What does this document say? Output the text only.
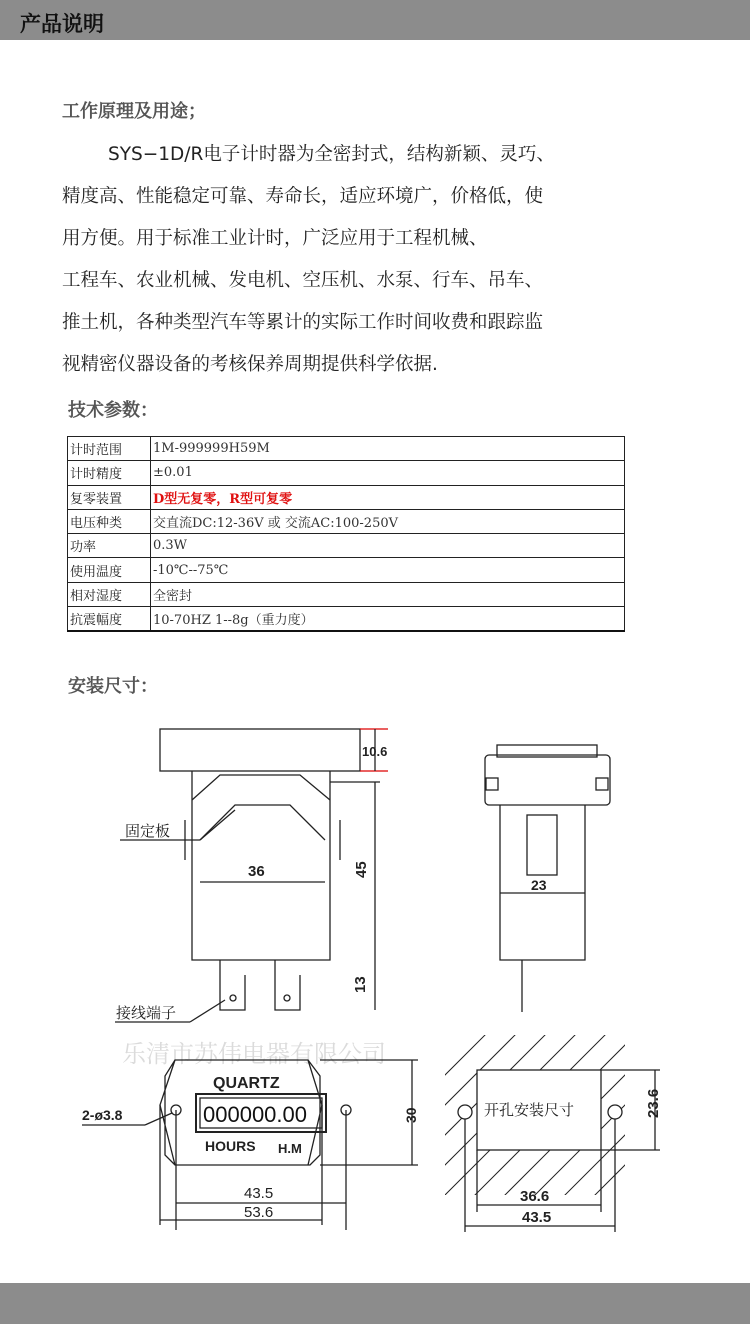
产品说明
工作原理及用途；
SYS−1D/R电子计时器为全密封式，结构新颖、灵巧、
精度高、性能稳定可靠、寿命长，适应环境广，价格低，使
用方便。用于标准工业计时，广泛应用于工程机械、
工程车、农业机械、发电机、空压机、水泵、行车、吊车、
推土机，各种类型汽车等累计的实际工作时间收费和跟踪监
视精密仪器设备的考核保养周期提供科学依据.
技术参数：
计时范围	1M-999999H59M
计时精度	±0.01
复零装置	D型无复零，R型可复零
电压种类	交直流DC:12-36V 或 交流AC:100-250V
功率	0.3W
使用温度	-10℃--75℃
相对湿度	全密封
抗震幅度	10-70HZ 1--8g（重力度）
安装尺寸：
10.6
36	45
13
固定板
接线端子
23
乐清市苏伟电器有限公司
QUARTZ
000000.00
HOURS H.M
2-ø3.8	30
43.5
53.6
开孔安装尺寸	23.6
36.6
43.5
